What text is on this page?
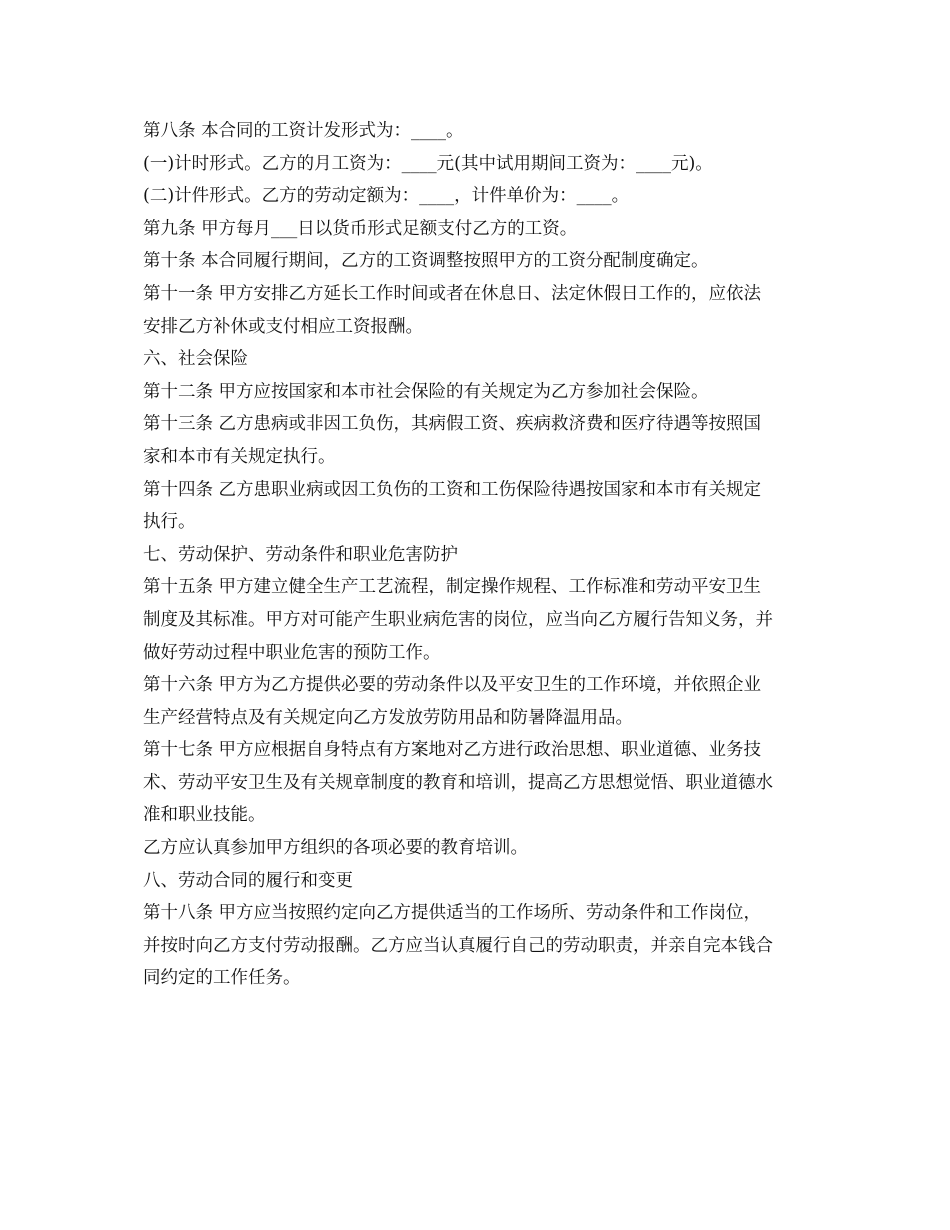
第八条 本合同的工资计发形式为：____。
(一)计时形式。乙方的月工资为：____元(其中试用期间工资为：____元)。
(二)计件形式。乙方的劳动定额为：____，计件单价为：____。
第九条 甲方每月___日以货币形式足额支付乙方的工资。
第十条 本合同履行期间，乙方的工资调整按照甲方的工资分配制度确定。
第十一条 甲方安排乙方延长工作时间或者在休息日、法定休假日工作的，应依法
安排乙方补休或支付相应工资报酬。
六、社会保险
第十二条 甲方应按国家和本市社会保险的有关规定为乙方参加社会保险。
第十三条 乙方患病或非因工负伤，其病假工资、疾病救济费和医疗待遇等按照国
家和本市有关规定执行。
第十四条 乙方患职业病或因工负伤的工资和工伤保险待遇按国家和本市有关规定
执行。
七、劳动保护、劳动条件和职业危害防护
第十五条 甲方建立健全生产工艺流程，制定操作规程、工作标准和劳动平安卫生
制度及其标准。甲方对可能产生职业病危害的岗位，应当向乙方履行告知义务，并
做好劳动过程中职业危害的预防工作。
第十六条 甲方为乙方提供必要的劳动条件以及平安卫生的工作环境，并依照企业
生产经营特点及有关规定向乙方发放劳防用品和防暑降温用品。
第十七条 甲方应根据自身特点有方案地对乙方进行政治思想、职业道德、业务技
术、劳动平安卫生及有关规章制度的教育和培训，提高乙方思想觉悟、职业道德水
准和职业技能。
乙方应认真参加甲方组织的各项必要的教育培训。
八、劳动合同的履行和变更
第十八条 甲方应当按照约定向乙方提供适当的工作场所、劳动条件和工作岗位，
并按时向乙方支付劳动报酬。乙方应当认真履行自己的劳动职责，并亲自完本钱合
同约定的工作任务。
